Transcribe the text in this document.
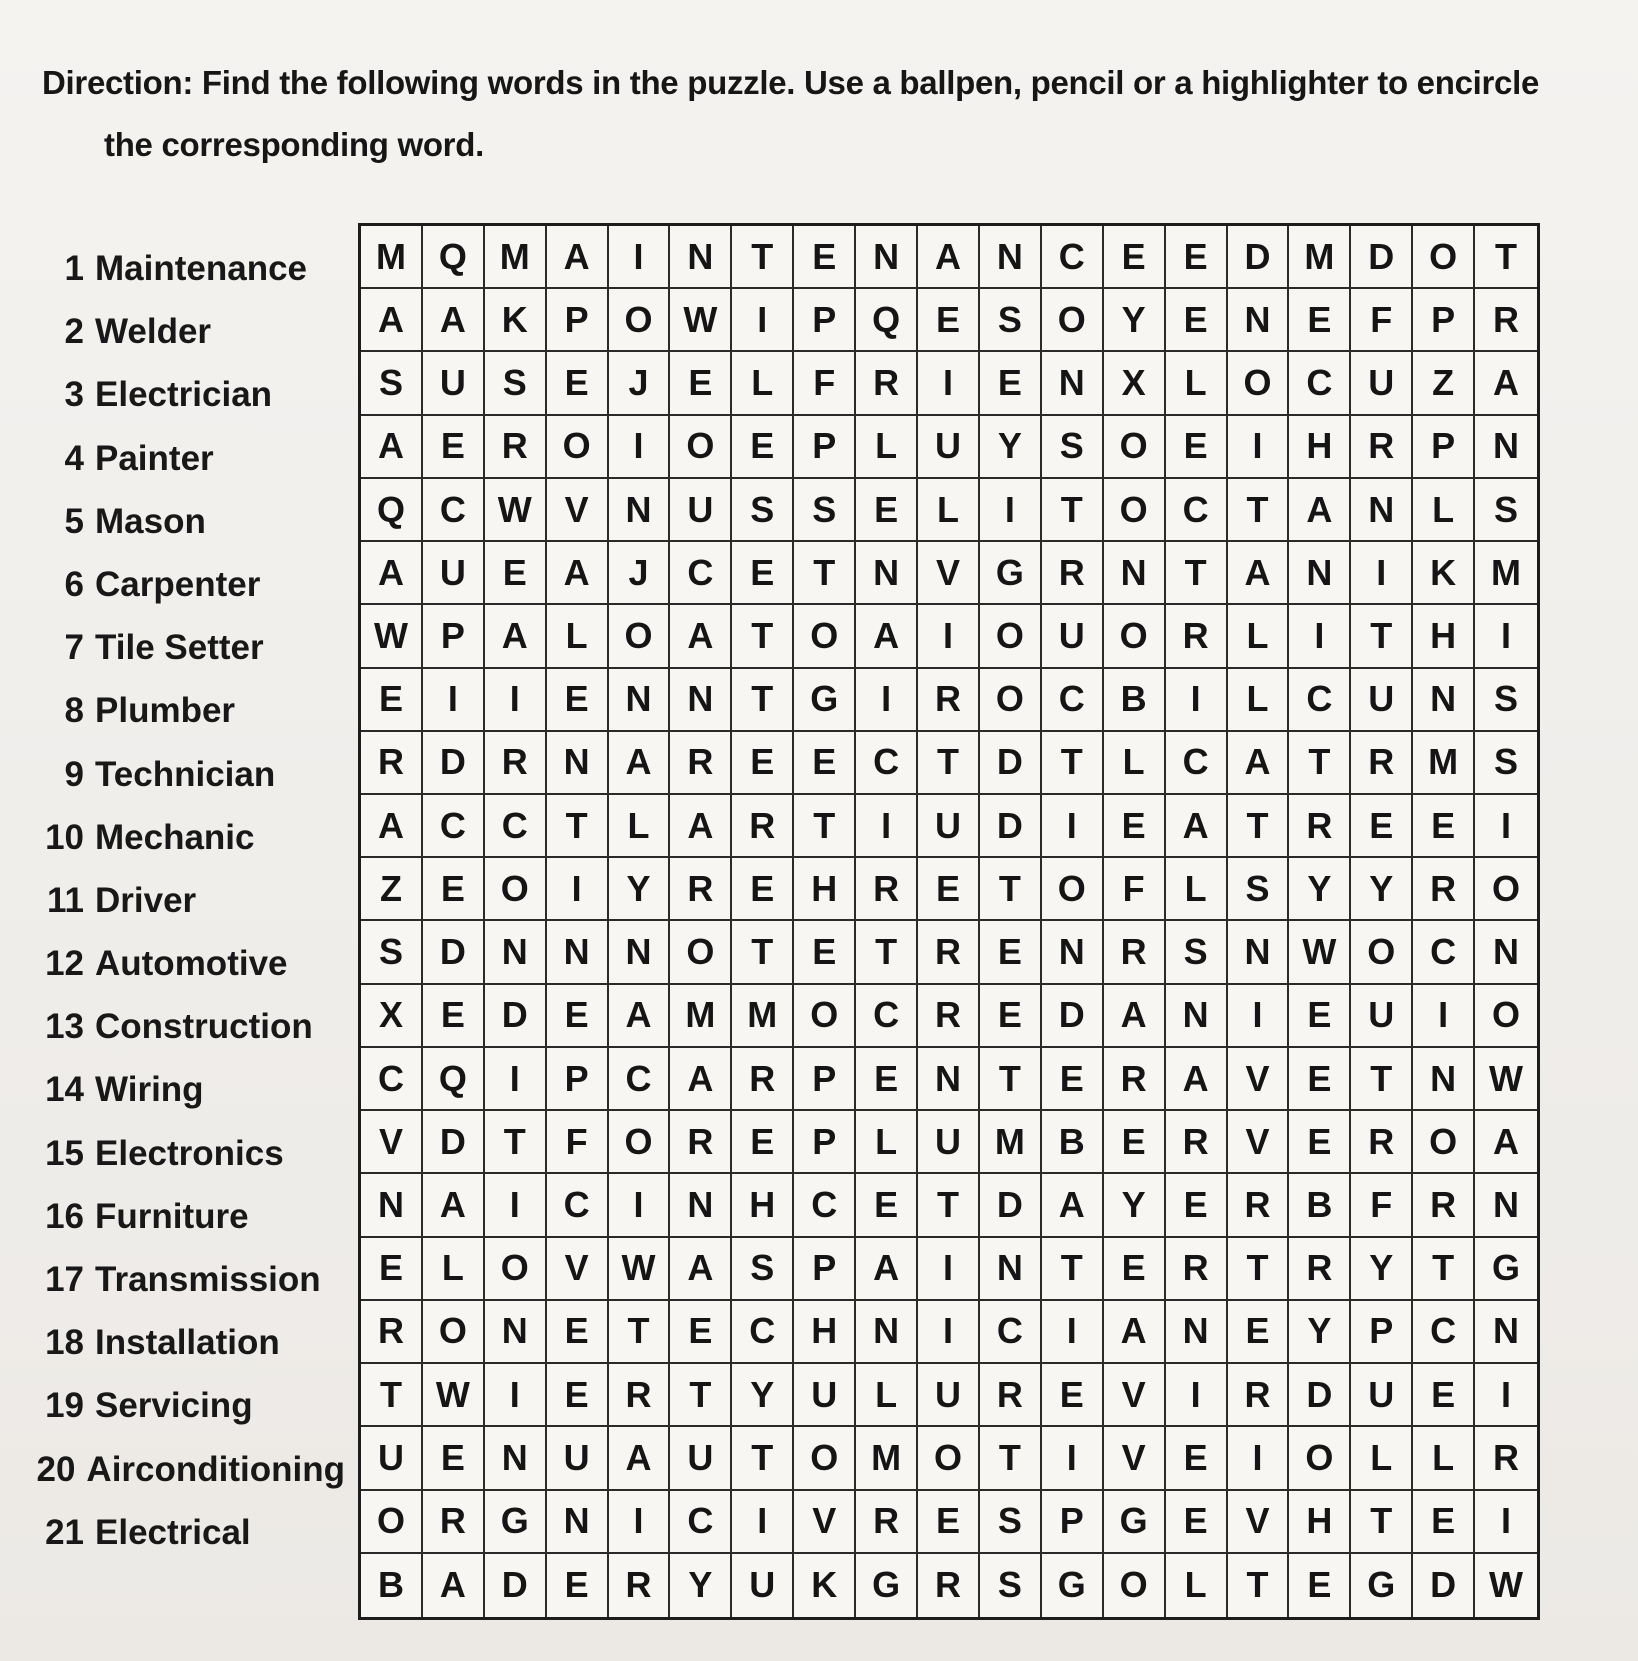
Direction: Find the following words in the puzzle. Use a ballpen, pencil or a highlighter to encircle
the corresponding word.
1 Maintenance
2 Welder
3 Electrician
4 Painter
5 Mason
6 Carpenter
7 Tile Setter
8 Plumber
9 Technician
10 Mechanic
11 Driver
12 Automotive
13 Construction
14 Wiring
15 Electronics
16 Furniture
17 Transmission
18 Installation
19 Servicing
20 Airconditioning
21 Electrical
M Q M A	I	N	T	E	N A N C	E	E	D M D O	T
A A K	P O W	I	P Q E	S O Y	E	N	E	F	P	R
S	U	S	E	J	E	L	F	R	I	E	N	X	L	O C U	Z	A
A	E	R O	I	O E	P	L	U	Y	S O E	I	H R	P	N
Q C W V	N U	S	S	E	L	I	T	O C	T	A N	L	S
A U	E	A	J	C	E	T	N	V G R N	T	A N	I	K M
W P	A	L	O A	T	O A	I	O U O R	L	I	T	H	I
E	I	I	E	N N	T	G	I	R O C B	I	L	C U N	S
R D R N A R	E	E	C	T	D	T	L	C A	T	R M S
A C C	T	L	A R	T	I	U D	I	E	A	T	R	E	E	I
Z	E O	I	Y	R	E	H R	E	T	O	F	L	S	Y	Y	R O
S	D N N N O	T	E	T	R	E	N R	S	N W O C	N
X	E	D	E	A M M O C R	E	D A N	I	E	U	I	O
C Q	I	P	C A R	P	E	N	T	E	R A	V	E	T	N W
V	D	T	F	O R	E	P	L	U M B	E	R	V	E	R O A
N A	I	C	I	N H C	E	T	D A	Y	E	R B	F	R	N
E	L	O V W A	S	P	A	I	N	T	E	R	T	R	Y	T	G
R O N	E	T	E	C H N	I	C	I	A N	E	Y	P	C	N
T W	I	E	R	T	Y	U	L	U R	E	V	I	R D U	E	I
U	E	N U A U	T	O M O	T	I	V	E	I	O	L	L	R
O R G N	I	C	I	V	R	E	S	P G E	V	H	T	E	I
B A D	E	R	Y	U K G R	S G O	L	T	E G D W
